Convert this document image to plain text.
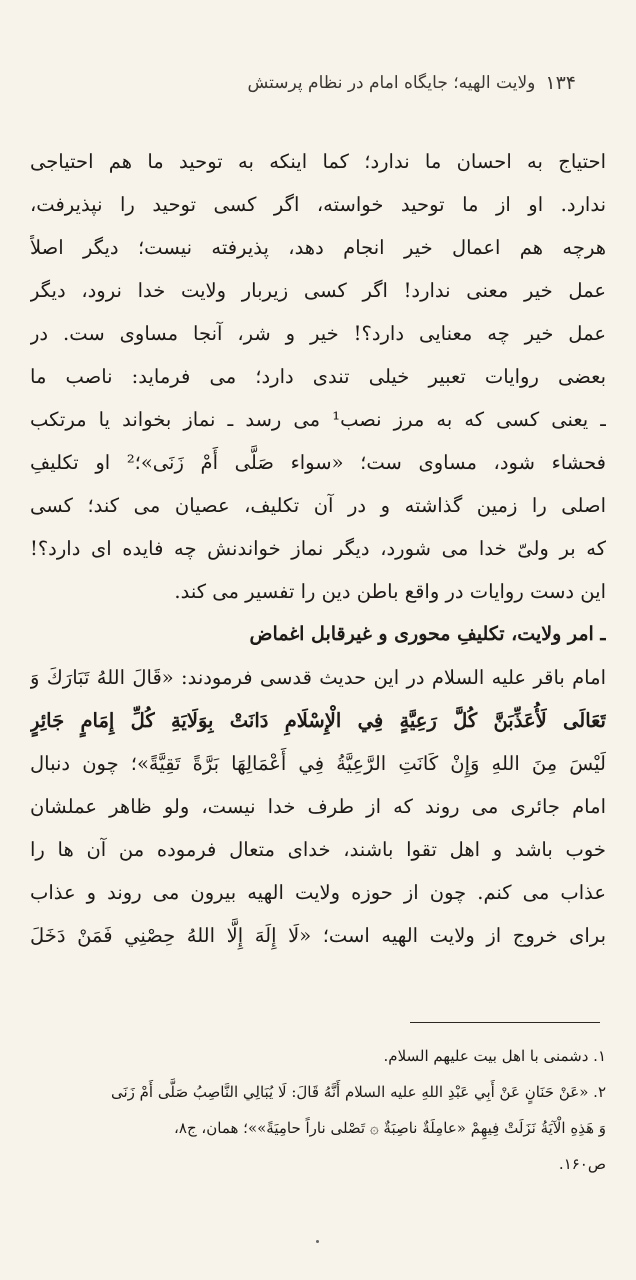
۱۳۴
ولایت الهیه؛ جایگاه امام در نظام پرستش
احتیاج به احسان ما ندارد؛ کما اینکه به توحید ما هم احتیاجی
ندارد. او از ما توحید خواسته، اگر کسی توحید را نپذیرفت،
هرچه هم اعمال خیر انجام دهد، پذیرفته نیست؛ دیگر اصلاً
عمل خیر معنی ندارد! اگر کسی زیربار ولایت خدا نرود، دیگر
عمل خیر چه معنایی دارد؟! خیر و شر، آنجا مساوی ست. در
بعضی روایات تعبیر خیلی تندی دارد؛ می فرماید: ناصب ما
ـ یعنی کسی که به مرز نصب¹ می رسد ـ نماز بخواند یا مرتکب
فحشاء شود، مساوی ست؛ «سواء صَلَّی أَمْ زَنَی»؛² او تکلیفِ
اصلی را زمین گذاشته و در آن تکلیف، عصیان می کند؛ کسی
که بر ولیّ خدا می شورد، دیگر نماز خواندنش چه فایده ای دارد؟!
این دست روایات در واقع باطن دین را تفسیر می کند.
ـ امر ولایت، تکلیفِ محوری و غیرقابل اغماض
امام باقر علیه السلام در این حدیث قدسی فرمودند: «قَالَ اللهُ تَبَارَكَ وَ
تَعَالَى لَأُعَذِّبَنَّ كُلَّ رَعِيَّةٍ فِي الْإِسْلَامِ دَانَتْ بِوَلَايَةِ كُلِّ إِمَامٍ جَائِرٍ
لَيْسَ مِنَ اللهِ وَإِنْ كَانَتِ الرَّعِيَّةُ فِي أَعْمَالِهَا بَرَّةً تَقِيَّةً»؛ چون دنبال
امام جائری می روند که از طرف خدا نیست، ولو ظاهر عملشان
خوب باشد و اهل تقوا باشند، خدای متعال فرموده من آن ها را
عذاب می کنم. چون از حوزه ولایت الهیه بیرون می روند و عذاب
برای خروج از ولایت الهیه است؛ «لَا إِلَهَ إِلَّا اللهُ حِصْنِي فَمَنْ دَخَلَ
۱. دشمنی با اهل بیت علیهم السلام.
۲. «عَنْ حَنَانٍ عَنْ أَبِي عَبْدِ اللهِ علیه السلام أَنَّهُ قَالَ: لَا يُبَالِي النَّاصِبُ صَلَّى أَمْ زَنَى
وَ هَذِهِ الْآيَةُ نَزَلَتْ فِيهِمْ «عامِلَةٌ ناصِبَةٌ ۞ تَصْلى ناراً حامِيَةً»»؛ همان، ج۸،
ص۱۶۰.
